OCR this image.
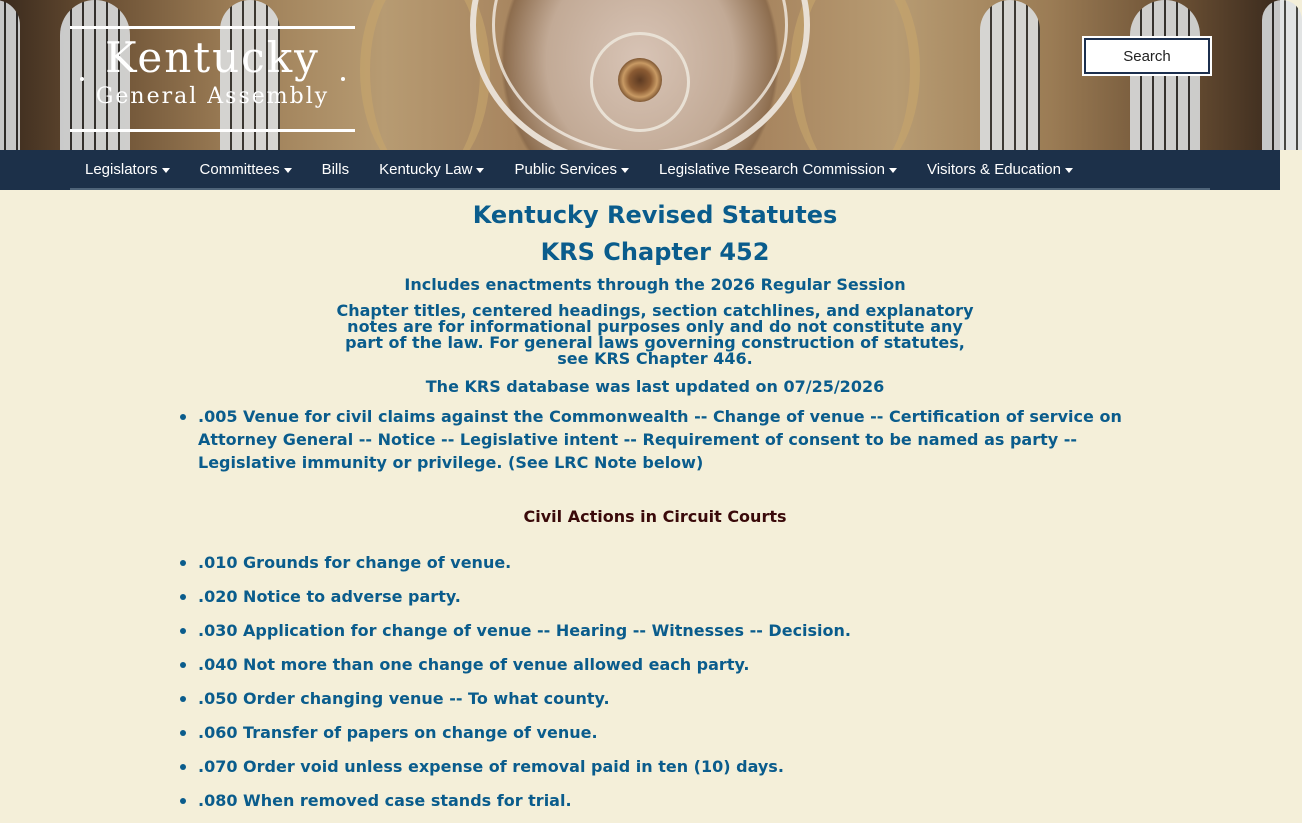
Kentucky
General Assembly
Search
Legislators	Committees	Bills Kentucky Law	Public Services	Legislative Research Commission	Visitors & Education
Kentucky Revised Statutes
KRS Chapter 452
Includes enactments through the 2026 Regular Session
Chapter titles, centered headings, section catchlines, and explanatory notes are for informational purposes only and do not constitute any part of the law. For general laws governing construction of statutes, see KRS Chapter 446.
The KRS database was last updated on 07/25/2026
.005 Venue for civil claims against the Commonwealth -- Change of venue -- Certification of service on Attorney General -- Notice -- Legislative intent -- Requirement of consent to be named as party -- Legislative immunity or privilege. (See LRC Note below)
Civil Actions in Circuit Courts
.010 Grounds for change of venue.
.020 Notice to adverse party.
.030 Application for change of venue -- Hearing -- Witnesses -- Decision.
.040 Not more than one change of venue allowed each party.
.050 Order changing venue -- To what county.
.060 Transfer of papers on change of venue.
.070 Order void unless expense of removal paid in ten (10) days.
.080 When removed case stands for trial.
